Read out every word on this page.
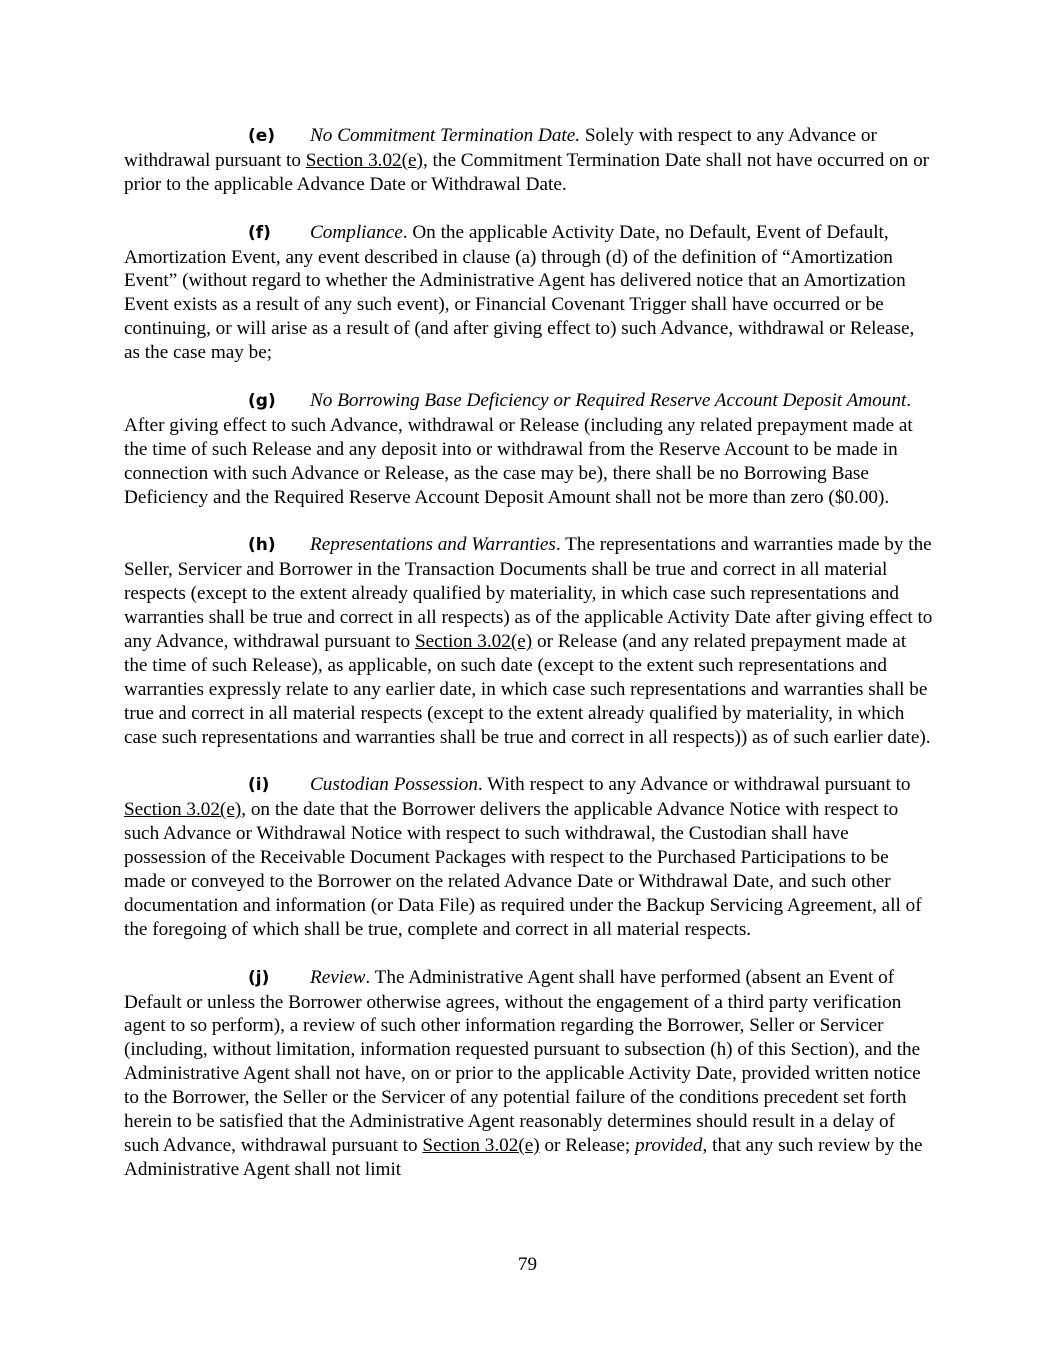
(e) No Commitment Termination Date. Solely with respect to any Advance or withdrawal pursuant to Section 3.02(e), the Commitment Termination Date shall not have occurred on or prior to the applicable Advance Date or Withdrawal Date.

(f) Compliance. On the applicable Activity Date, no Default, Event of Default, Amortization Event, any event described in clause (a) through (d) of the definition of “Amortization Event” (without regard to whether the Administrative Agent has delivered notice that an Amortization Event exists as a result of any such event), or Financial Covenant Trigger shall have occurred or be continuing, or will arise as a result of (and after giving effect to) such Advance, withdrawal or Release, as the case may be;

(g) No Borrowing Base Deficiency or Required Reserve Account Deposit Amount. After giving effect to such Advance, withdrawal or Release (including any related prepayment made at the time of such Release and any deposit into or withdrawal from the Reserve Account to be made in connection with such Advance or Release, as the case may be), there shall be no Borrowing Base Deficiency and the Required Reserve Account Deposit Amount shall not be more than zero ($0.00).

(h) Representations and Warranties. The representations and warranties made by the Seller, Servicer and Borrower in the Transaction Documents shall be true and correct in all material respects (except to the extent already qualified by materiality, in which case such representations and warranties shall be true and correct in all respects) as of the applicable Activity Date after giving effect to any Advance, withdrawal pursuant to Section 3.02(e) or Release (and any related prepayment made at the time of such Release), as applicable, on such date (except to the extent such representations and warranties expressly relate to any earlier date, in which case such representations and warranties shall be true and correct in all material respects (except to the extent already qualified by materiality, in which case such representations and warranties shall be true and correct in all respects)) as of such earlier date).

(i) Custodian Possession. With respect to any Advance or withdrawal pursuant to Section 3.02(e), on the date that the Borrower delivers the applicable Advance Notice with respect to such Advance or Withdrawal Notice with respect to such withdrawal, the Custodian shall have possession of the Receivable Document Packages with respect to the Purchased Participations to be made or conveyed to the Borrower on the related Advance Date or Withdrawal Date, and such other documentation and information (or Data File) as required under the Backup Servicing Agreement, all of the foregoing of which shall be true, complete and correct in all material respects.

(j) Review. The Administrative Agent shall have performed (absent an Event of Default or unless the Borrower otherwise agrees, without the engagement of a third party verification agent to so perform), a review of such other information regarding the Borrower, Seller or Servicer (including, without limitation, information requested pursuant to subsection (h) of this Section), and the Administrative Agent shall not have, on or prior to the applicable Activity Date, provided written notice to the Borrower, the Seller or the Servicer of any potential failure of the conditions precedent set forth herein to be satisfied that the Administrative Agent reasonably determines should result in a delay of such Advance, withdrawal pursuant to Section 3.02(e) or Release; provided, that any such review by the Administrative Agent shall not limit

79
